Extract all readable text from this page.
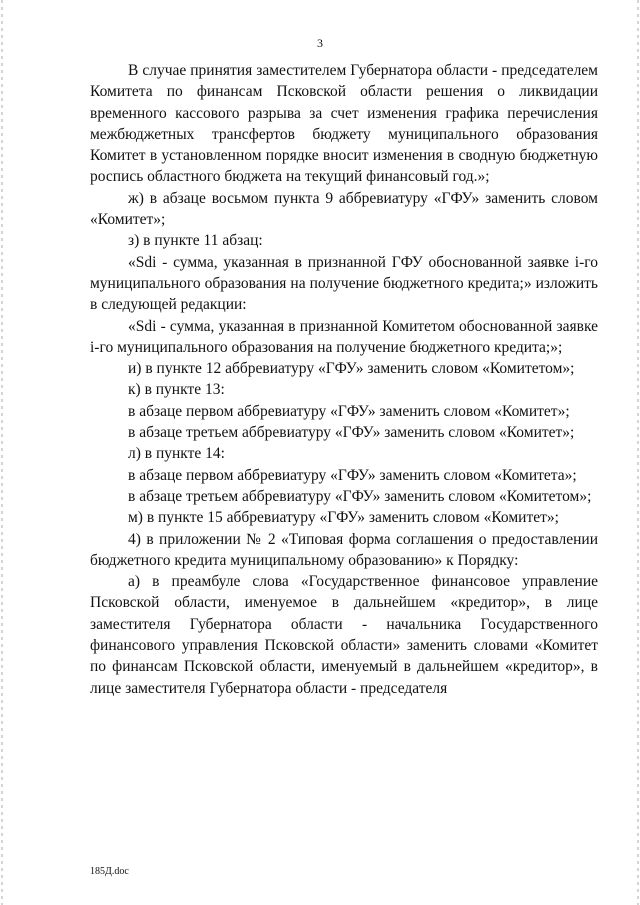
3

В случае принятия заместителем Губернатора области - председателем Комитета по финансам Псковской области решения о ликвидации временного кассового разрыва за счет изменения графика перечисления межбюджетных трансфертов бюджету муниципального образования Комитет в установленном порядке вносит изменения в сводную бюджетную роспись областного бюджета на текущий финансовый год.»;

ж) в абзаце восьмом пункта 9 аббревиатуру «ГФУ» заменить словом «Комитет»;

з) в пункте 11 абзац:

«Sdi - сумма, указанная в признанной ГФУ обоснованной заявке i-го муниципального образования на получение бюджетного кредита;» изложить в следующей редакции:

«Sdi - сумма, указанная в признанной Комитетом обоснованной заявке i-го муниципального образования на получение бюджетного кредита;»;

и) в пункте 12 аббревиатуру «ГФУ» заменить словом «Комитетом»;

к) в пункте 13:

в абзаце первом аббревиатуру «ГФУ» заменить словом «Комитет»;

в абзаце третьем аббревиатуру «ГФУ» заменить словом «Комитет»;

л) в пункте 14:

в абзаце первом аббревиатуру «ГФУ» заменить словом «Комитета»;

в абзаце третьем аббревиатуру «ГФУ» заменить словом «Комитетом»;

м) в пункте 15 аббревиатуру «ГФУ» заменить словом «Комитет»;

4) в приложении № 2 «Типовая форма соглашения о предоставлении бюджетного кредита муниципальному образованию» к Порядку:

а) в преамбуле слова «Государственное финансовое управление Псковской области, именуемое в дальнейшем «кредитор», в лице заместителя Губернатора области - начальника Государственного финансового управления Псковской области» заменить словами «Комитет по финансам Псковской области, именуемый в дальнейшем «кредитор», в лице заместителя Губернатора области - председателя

185Д.doc
